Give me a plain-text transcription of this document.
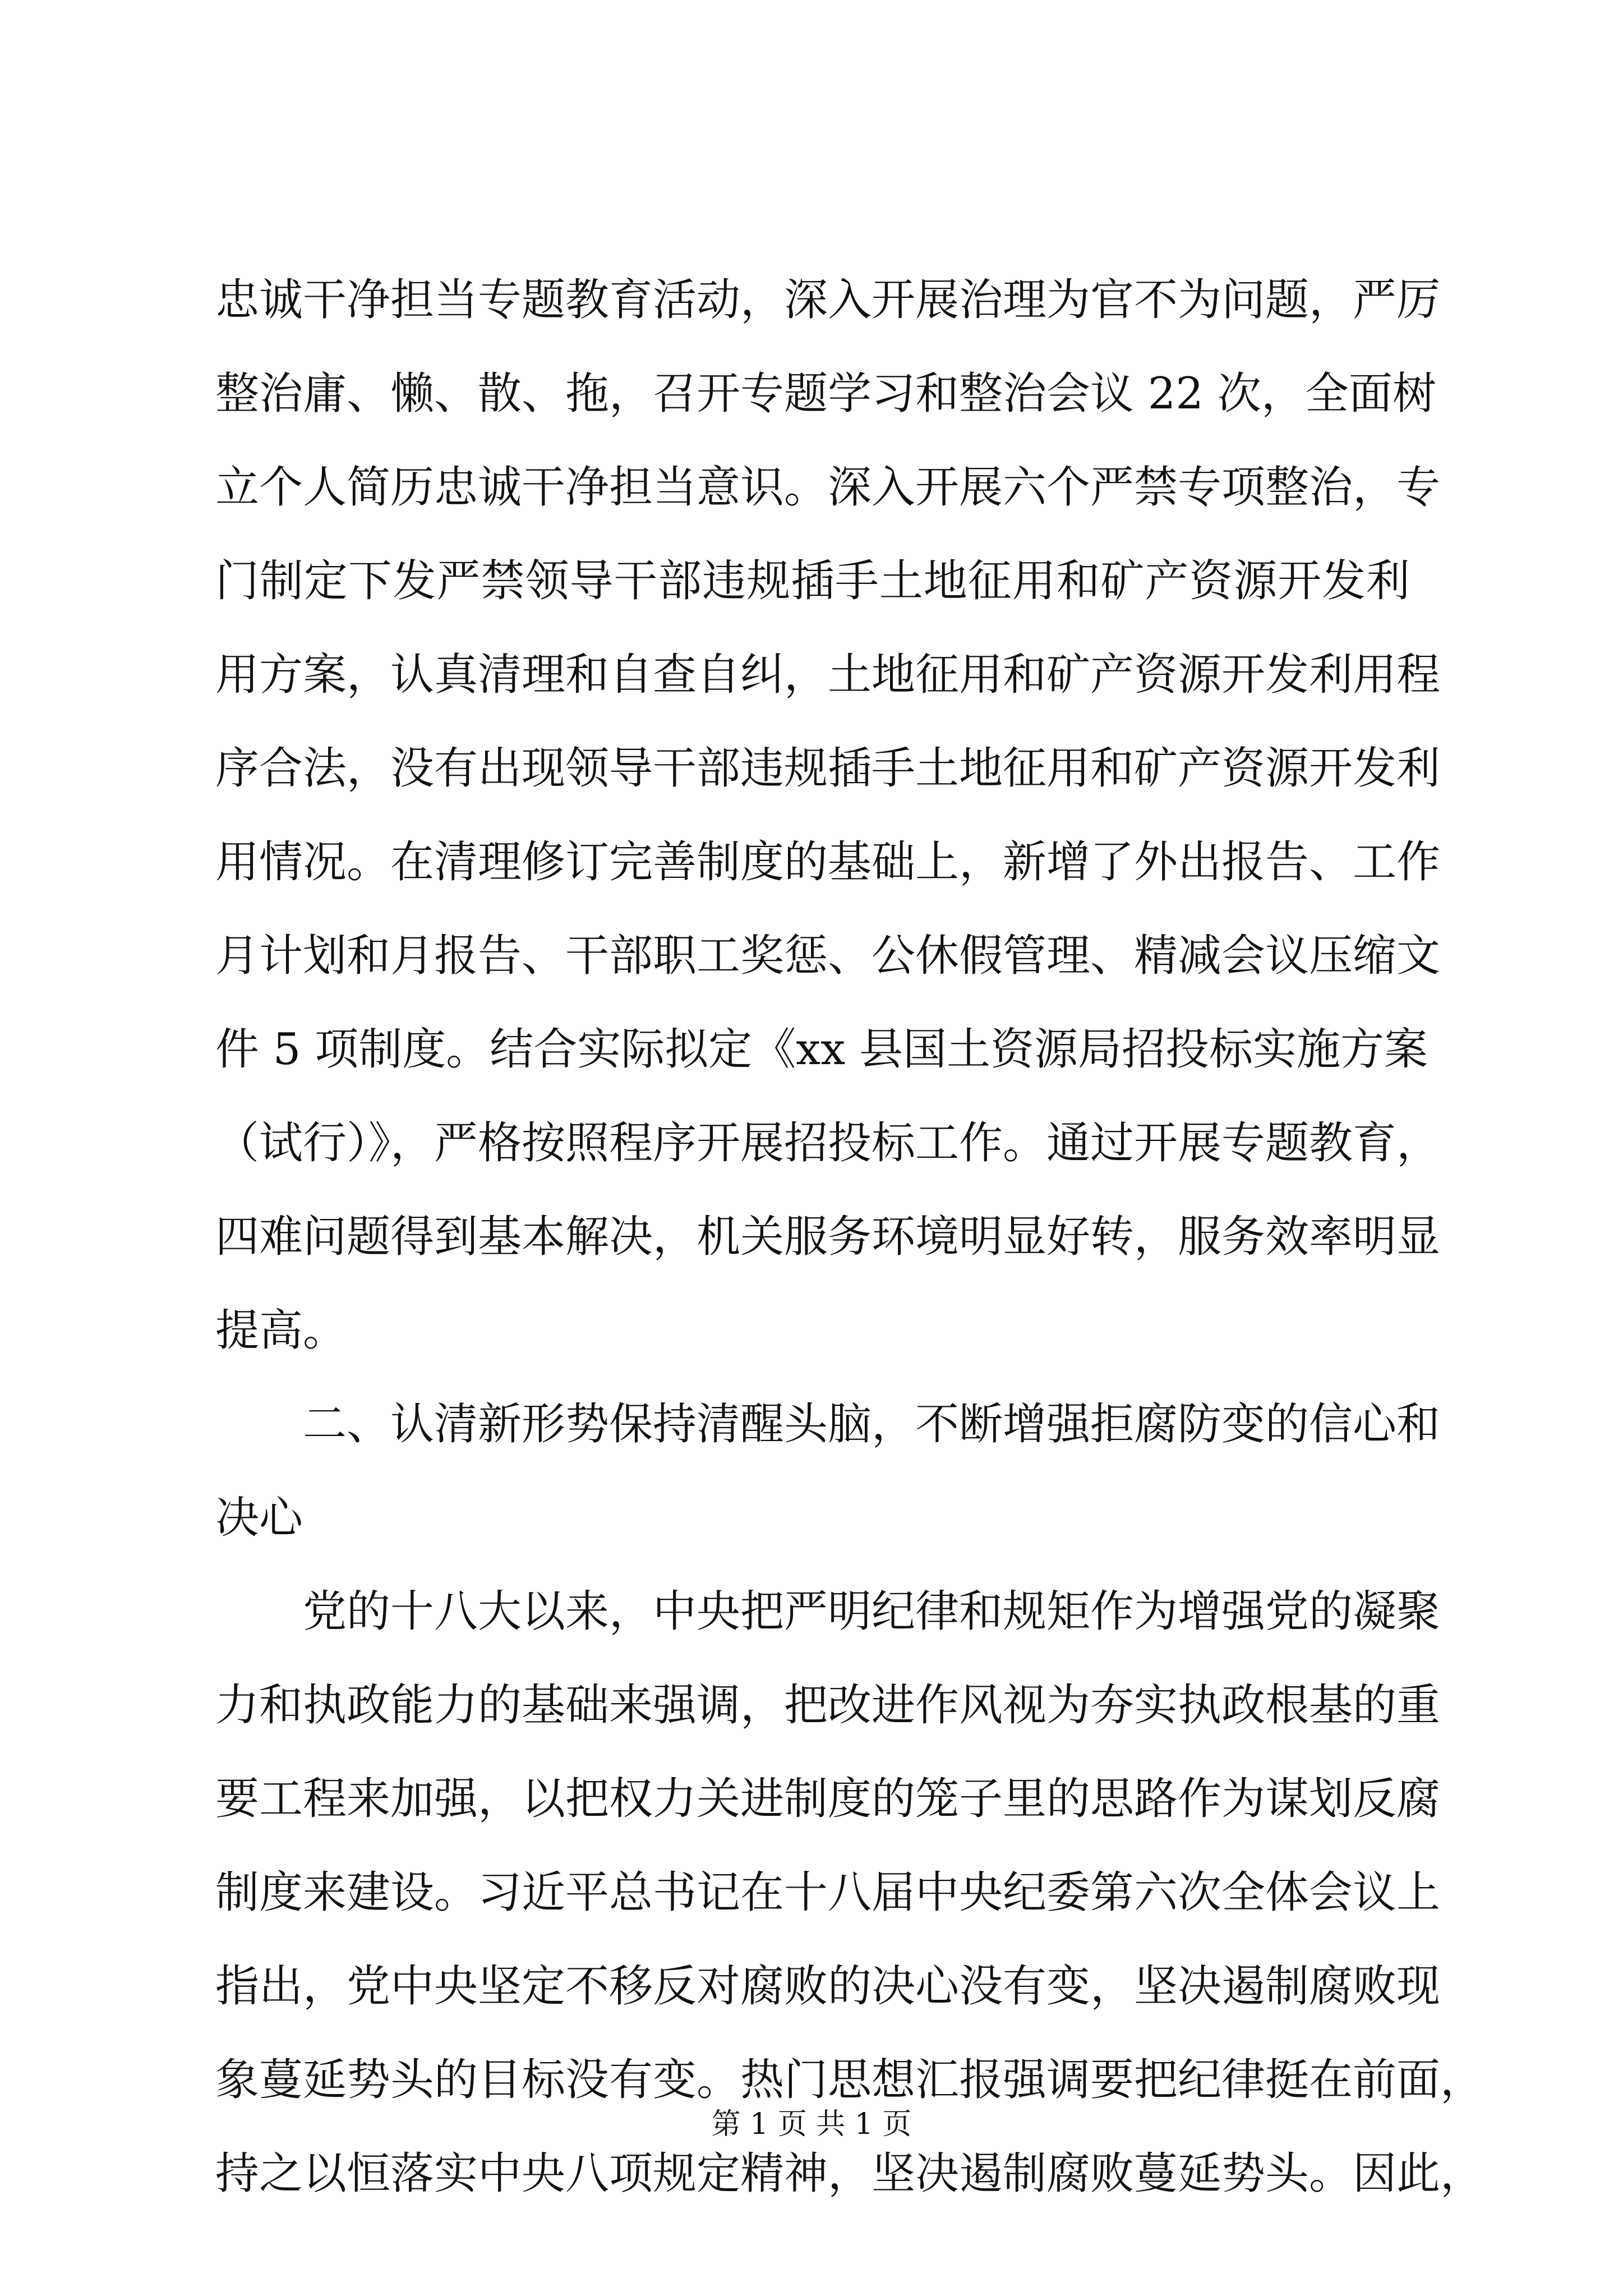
忠诚干净担当专题教育活动，深入开展治理为官不为问题，严厉
整治庸、懒、散、拖，召开专题学习和整治会议 22 次，全面树
立个人简历忠诚干净担当意识。深入开展六个严禁专项整治，专
门制定下发严禁领导干部违规插手土地征用和矿产资源开发利
用方案，认真清理和自查自纠，土地征用和矿产资源开发利用程
序合法，没有出现领导干部违规插手土地征用和矿产资源开发利
用情况。在清理修订完善制度的基础上，新增了外出报告、工作
月计划和月报告、干部职工奖惩、公休假管理、精减会议压缩文
件 5 项制度。结合实际拟定《xx 县国土资源局招投标实施方案
（试行）》，严格按照程序开展招投标工作。通过开展专题教育，
四难问题得到基本解决，机关服务环境明显好转，服务效率明显
提高。
二、认清新形势保持清醒头脑，不断增强拒腐防变的信心和
决心
党的十八大以来，中央把严明纪律和规矩作为增强党的凝聚
力和执政能力的基础来强调，把改进作风视为夯实执政根基的重
要工程来加强，以把权力关进制度的笼子里的思路作为谋划反腐
制度来建设。习近平总书记在十八届中央纪委第六次全体会议上
指出，党中央坚定不移反对腐败的决心没有变，坚决遏制腐败现
象蔓延势头的目标没有变。热门思想汇报强调要把纪律挺在前面，
持之以恒落实中央八项规定精神，坚决遏制腐败蔓延势头。因此，
第 1 页 共 1 页
